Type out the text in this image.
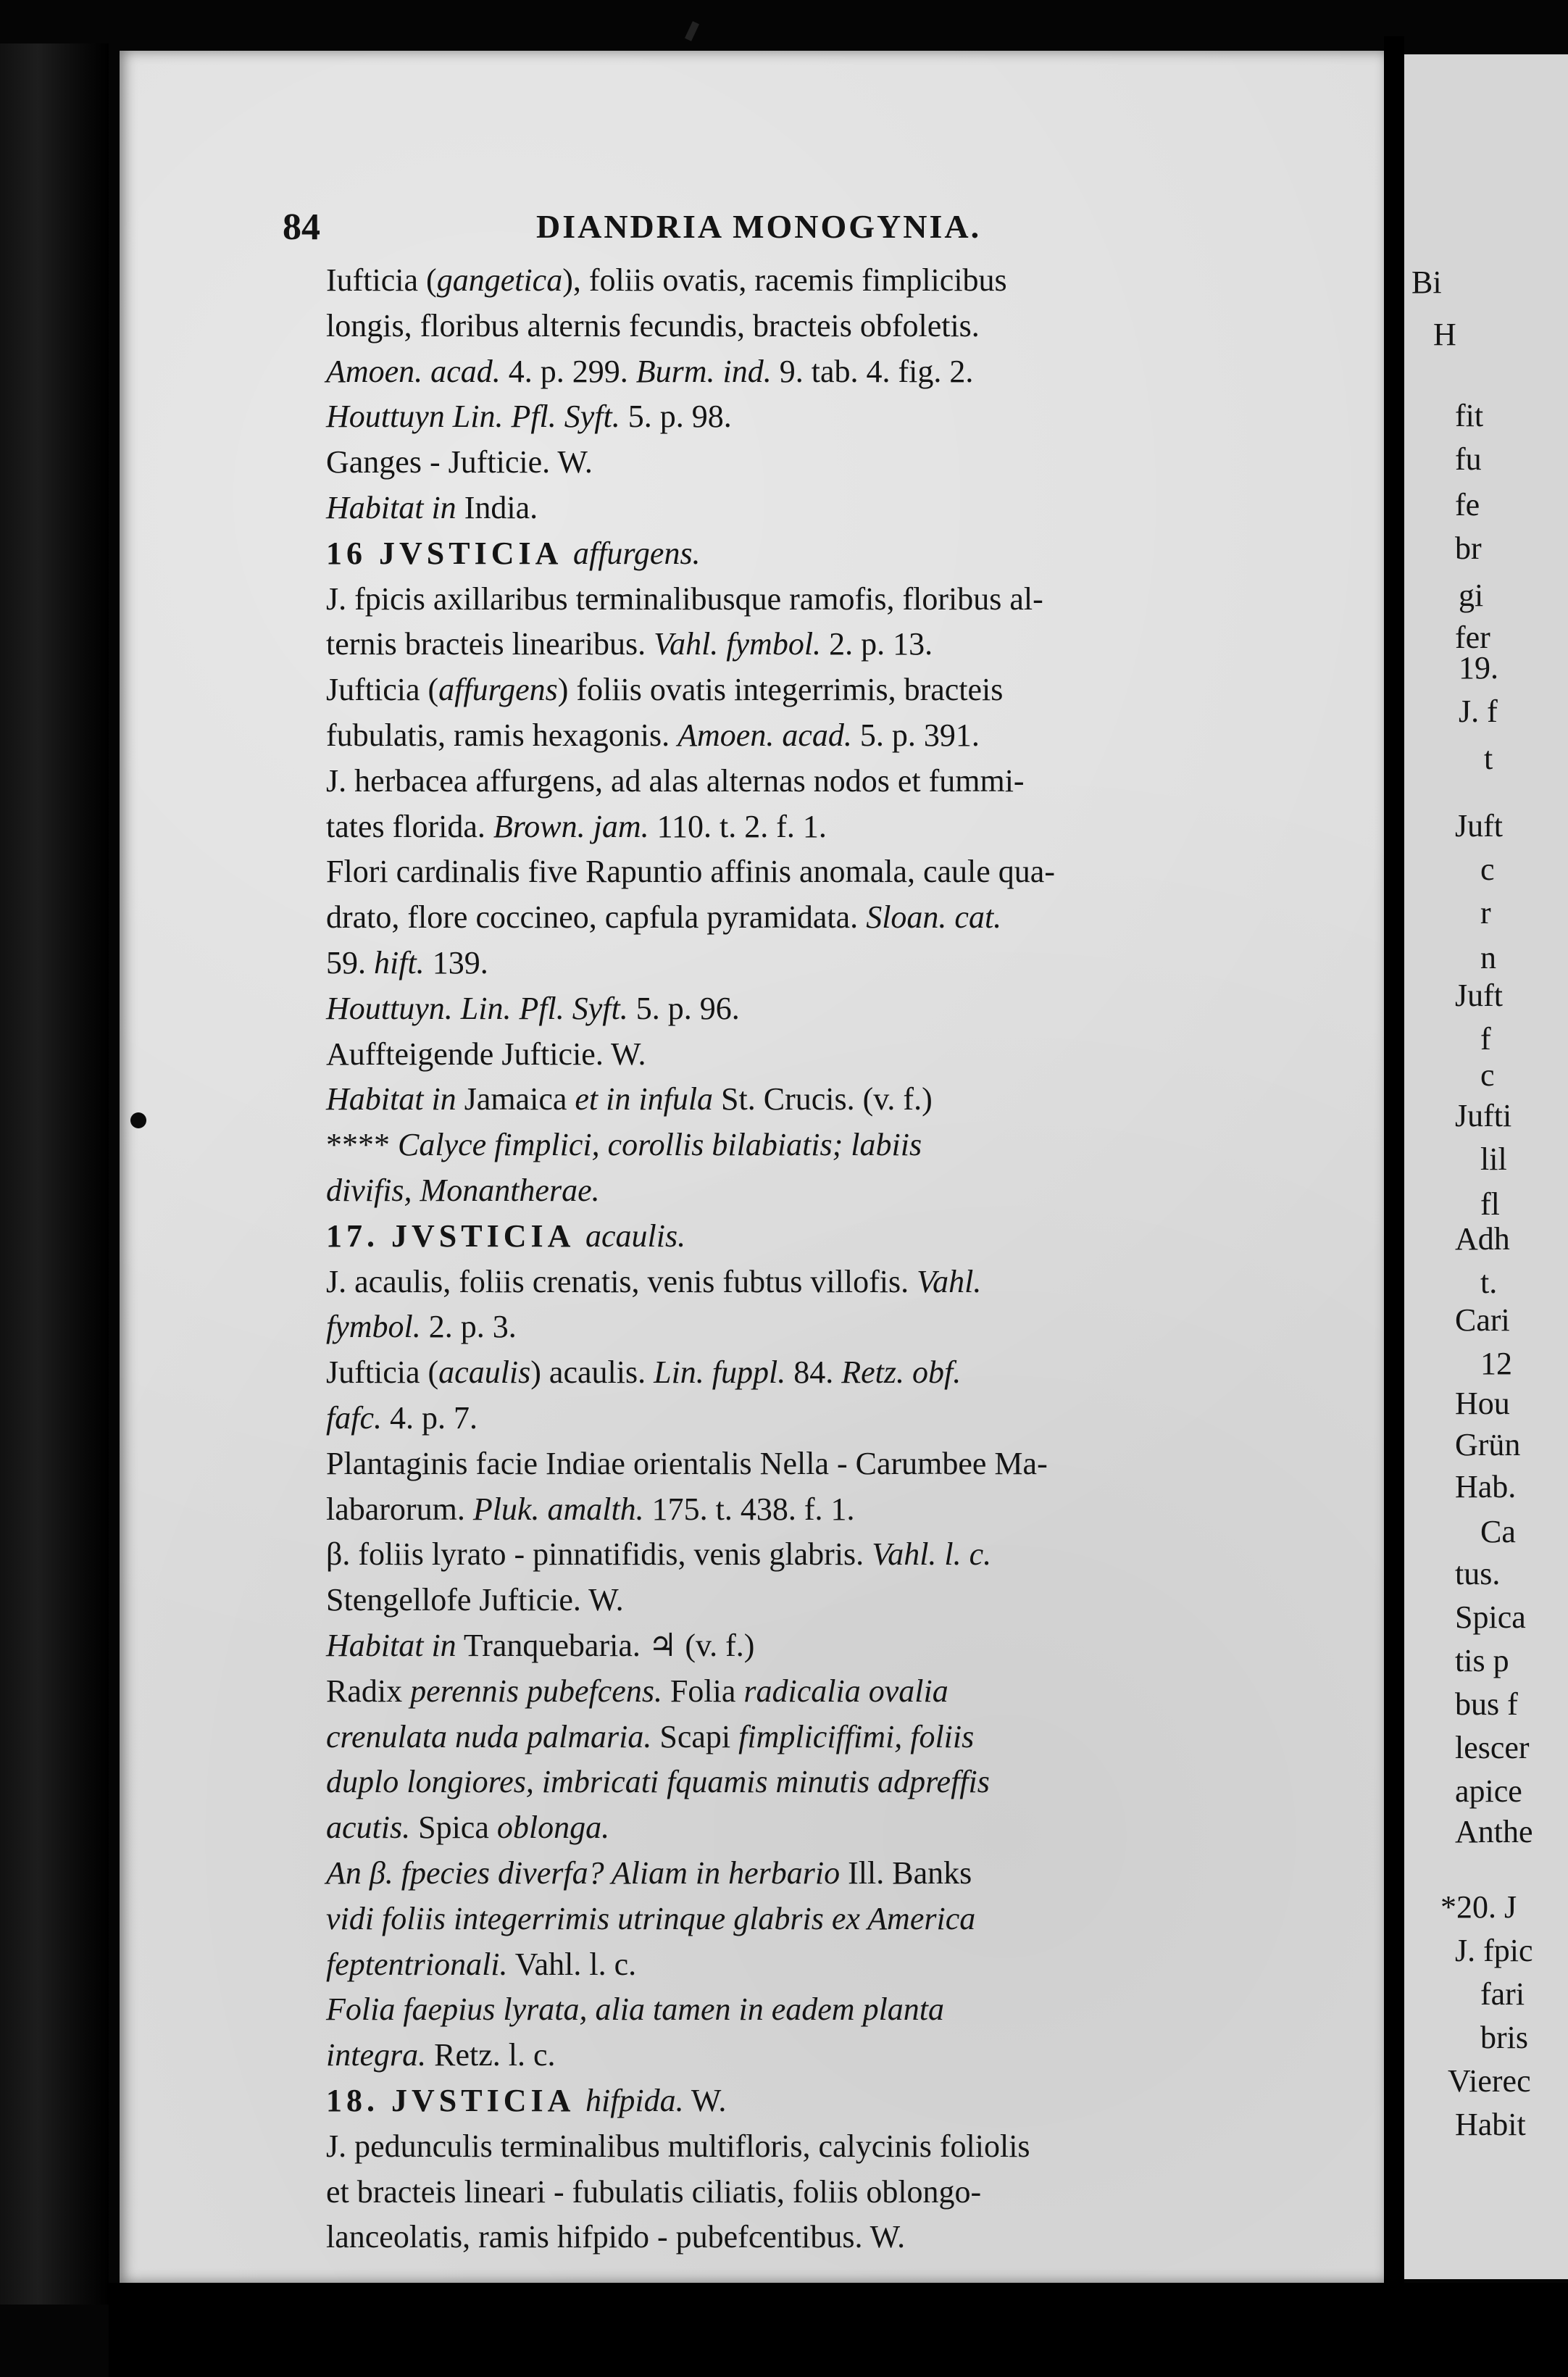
84	DIANDRIA MONOGYNIA.
Iufticia (gangetica), foliis ovatis, racemis fimplicibus
longis, floribus alternis fecundis, bracteis obfoletis.
Amoen. acad. 4. p. 299. Burm. ind. 9. tab. 4. fig. 2.
Houttuyn Lin. Pfl. Syft. 5. p. 98.
Ganges - Jufticie. W.
Habitat in India.
16 JVSTICIA affurgens.
J. fpicis axillaribus terminalibusque ramofis, floribus al-
ternis bracteis linearibus. Vahl. fymbol. 2. p. 13.
Jufticia (affurgens) foliis ovatis integerrimis, bracteis
fubulatis, ramis hexagonis. Amoen. acad. 5. p. 391.
J. herbacea affurgens, ad alas alternas nodos et fummi-
tates florida. Brown. jam. 110. t. 2. f. 1.
Flori cardinalis five Rapuntio affinis anomala, caule qua-
drato, flore coccineo, capfula pyramidata. Sloan. cat.
59. hift. 139.
Houttuyn. Lin. Pfl. Syft. 5. p. 96.
Auffteigende Jufticie. W.
Habitat in Jamaica et in infula St. Crucis. (v. f.)
**** Calyce fimplici, corollis bilabiatis; labiis
divifis, Monantherae.
17. JVSTICIA acaulis.
J. acaulis, foliis crenatis, venis fubtus villofis. Vahl.
fymbol. 2. p. 3.
Jufticia (acaulis) acaulis. Lin. fuppl. 84. Retz. obf.
fafc. 4. p. 7.
Plantaginis facie Indiae orientalis Nella - Carumbee Ma-
labarorum. Pluk. amalth. 175. t. 438. f. 1.
β. foliis lyrato - pinnatifidis, venis glabris. Vahl. l. c.
Stengellofe Jufticie. W.
Habitat in Tranquebaria. ♃ (v. f.)
Radix perennis pubefcens. Folia radicalia ovalia
crenulata nuda palmaria. Scapi fimpliciffimi, foliis
duplo longiores, imbricati fquamis minutis adpreffis
acutis. Spica oblonga.
An β. fpecies diverfa? Aliam in herbario Ill. Banks
vidi foliis integerrimis utrinque glabris ex America
feptentrionali. Vahl. l. c.
Folia faepius lyrata, alia tamen in eadem planta
integra. Retz. l. c.
18. JVSTICIA hifpida. W.
J. pedunculis terminalibus multifloris, calycinis foliolis
et bracteis lineari - fubulatis ciliatis, foliis oblongo-
lanceolatis, ramis hifpido - pubefcentibus. W.
Bi
H
fit
fu
fe
br
gi
fer
19.
J. f
t
Juft
c
r
n
Juft
f
c
Jufti
lil
fl
Adh
t.
Cari
12
Hou
Grün
Hab.
Ca
tus.
Spica
tis p
bus f
lescer
apice
Anthe
*20. J
J. fpic
fari
bris
Vierec
Habit
